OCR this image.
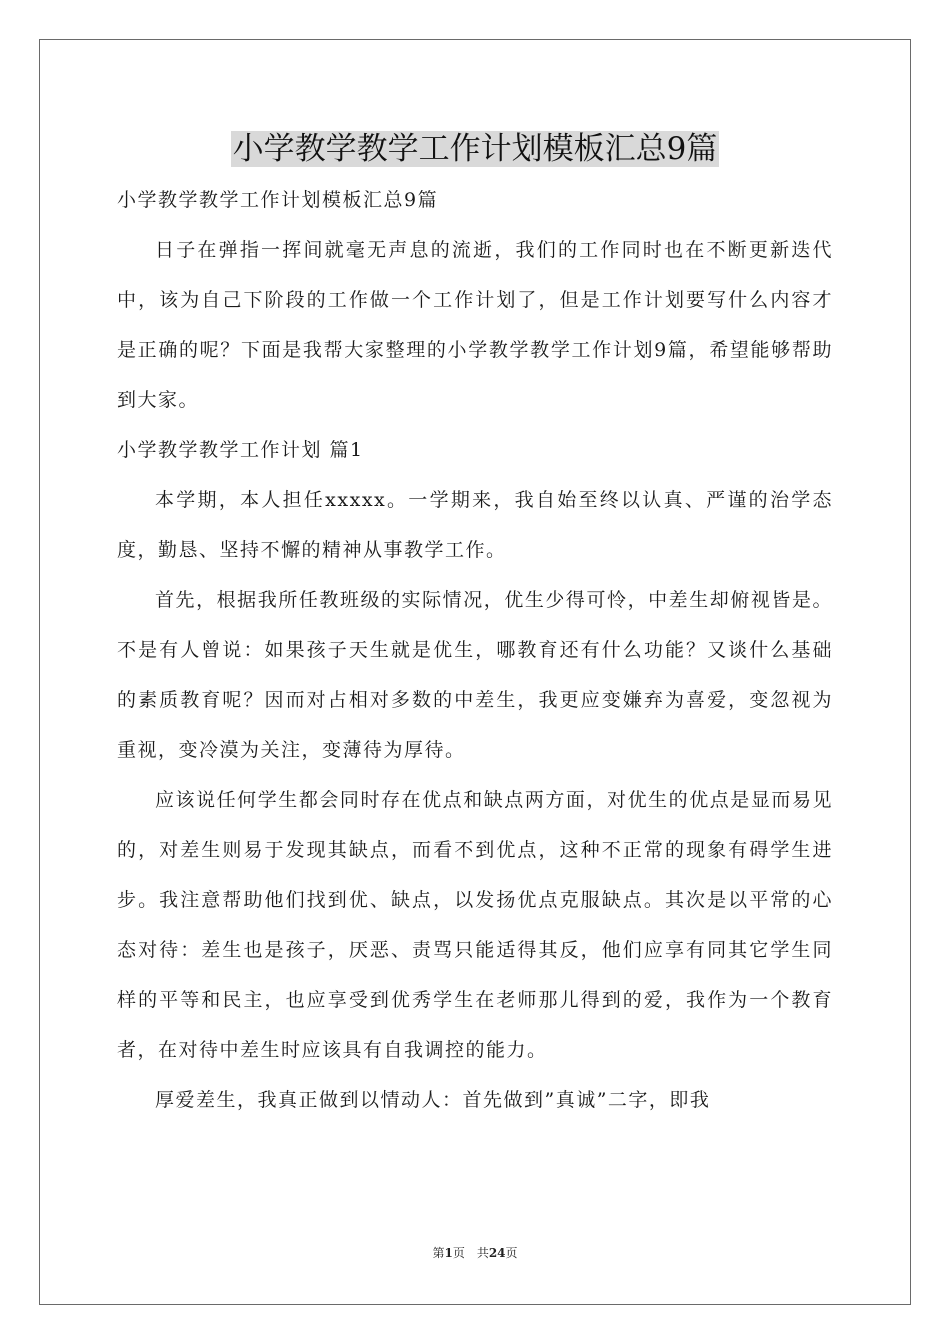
小学教学教学工作计划模板汇总9篇

小学教学教学工作计划模板汇总9篇

日子在弹指一挥间就毫无声息的流逝，我们的工作同时也在不断更新迭代中，该为自己下阶段的工作做一个工作计划了，但是工作计划要写什么内容才是正确的呢？下面是我帮大家整理的小学教学教学工作计划9篇，希望能够帮助到大家。

小学教学教学工作计划 篇1

本学期，本人担任xxxxx。一学期来，我自始至终以认真、严谨的治学态度，勤恳、坚持不懈的精神从事教学工作。

首先，根据我所任教班级的实际情况，优生少得可怜，中差生却俯视皆是。不是有人曾说：如果孩子天生就是优生，哪教育还有什么功能？又谈什么基础的素质教育呢？因而对占相对多数的中差生，我更应变嫌弃为喜爱，变忽视为重视，变冷漠为关注，变薄待为厚待。

应该说任何学生都会同时存在优点和缺点两方面，对优生的优点是显而易见的，对差生则易于发现其缺点，而看不到优点，这种不正常的现象有碍学生进步。我注意帮助他们找到优、缺点，以发扬优点克服缺点。其次是以平常的心态对待：差生也是孩子，厌恶、责骂只能适得其反，他们应享有同其它学生同样的平等和民主，也应享受到优秀学生在老师那儿得到的爱，我作为一个教育者，在对待中差生时应该具有自我调控的能力。

厚爱差生，我真正做到以情动人：首先做到”真诚”二字，即我

第1页　共24页
